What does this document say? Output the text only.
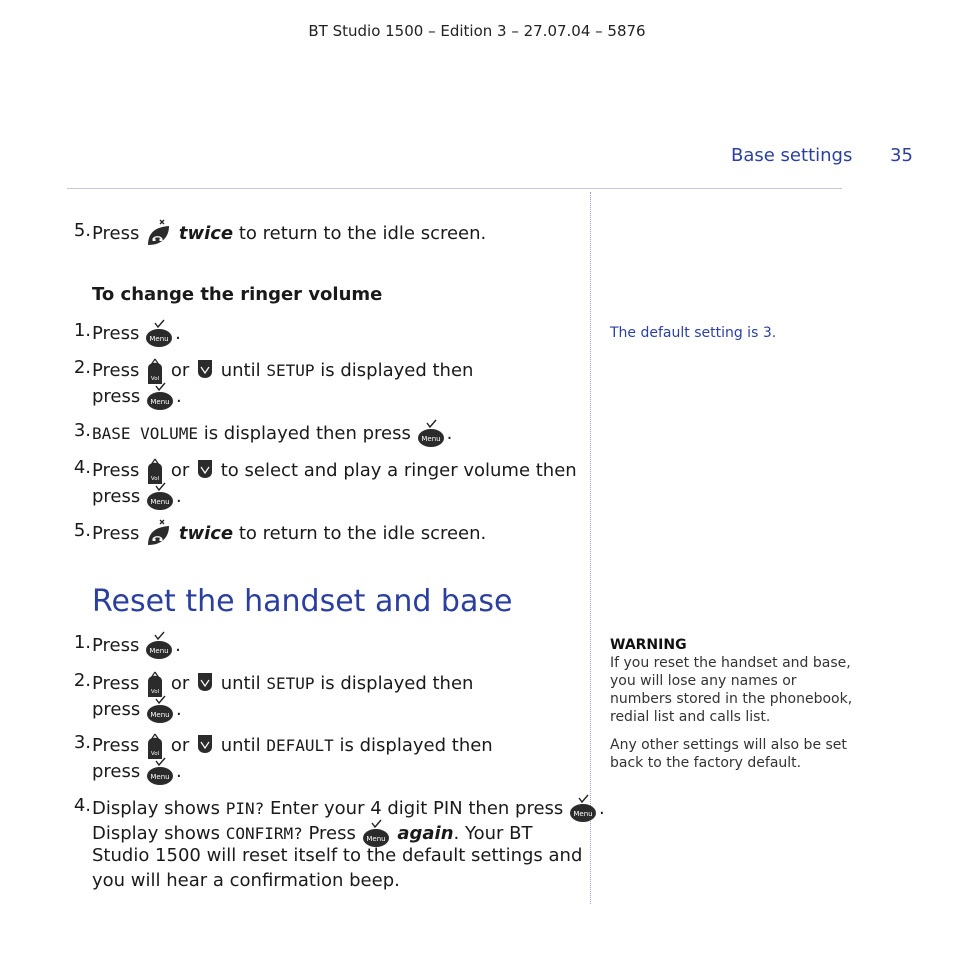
BT Studio 1500 – Edition 3 – 27.07.04 – 5876
Base settings 35
5. Press twice to return to the idle screen.
To change the ringer volume
1. Press Menu .
2. Press Vol or until SETUP is displayed then
press Menu .
3. BASE VOLUME is displayed then press Menu .
4. Press Vol or to select and play a ringer volume then
press Menu .
5. Press twice to return to the idle screen.
Reset the handset and base
1. Press Menu .
2. Press Vol or until SETUP is displayed then
press Menu .
3. Press Vol or until DEFAULT is displayed then
press Menu .
4. Display shows PIN? Enter your 4 digit PIN then press Menu .
Display shows CONFIRM? Press Menu again. Your BT
Studio 1500 will reset itself to the default settings and
you will hear a confirmation beep.
The default setting is 3.
WARNING
If you reset the handset and base,
you will lose any names or
numbers stored in the phonebook,
redial list and calls list.
Any other settings will also be set
back to the factory default.
